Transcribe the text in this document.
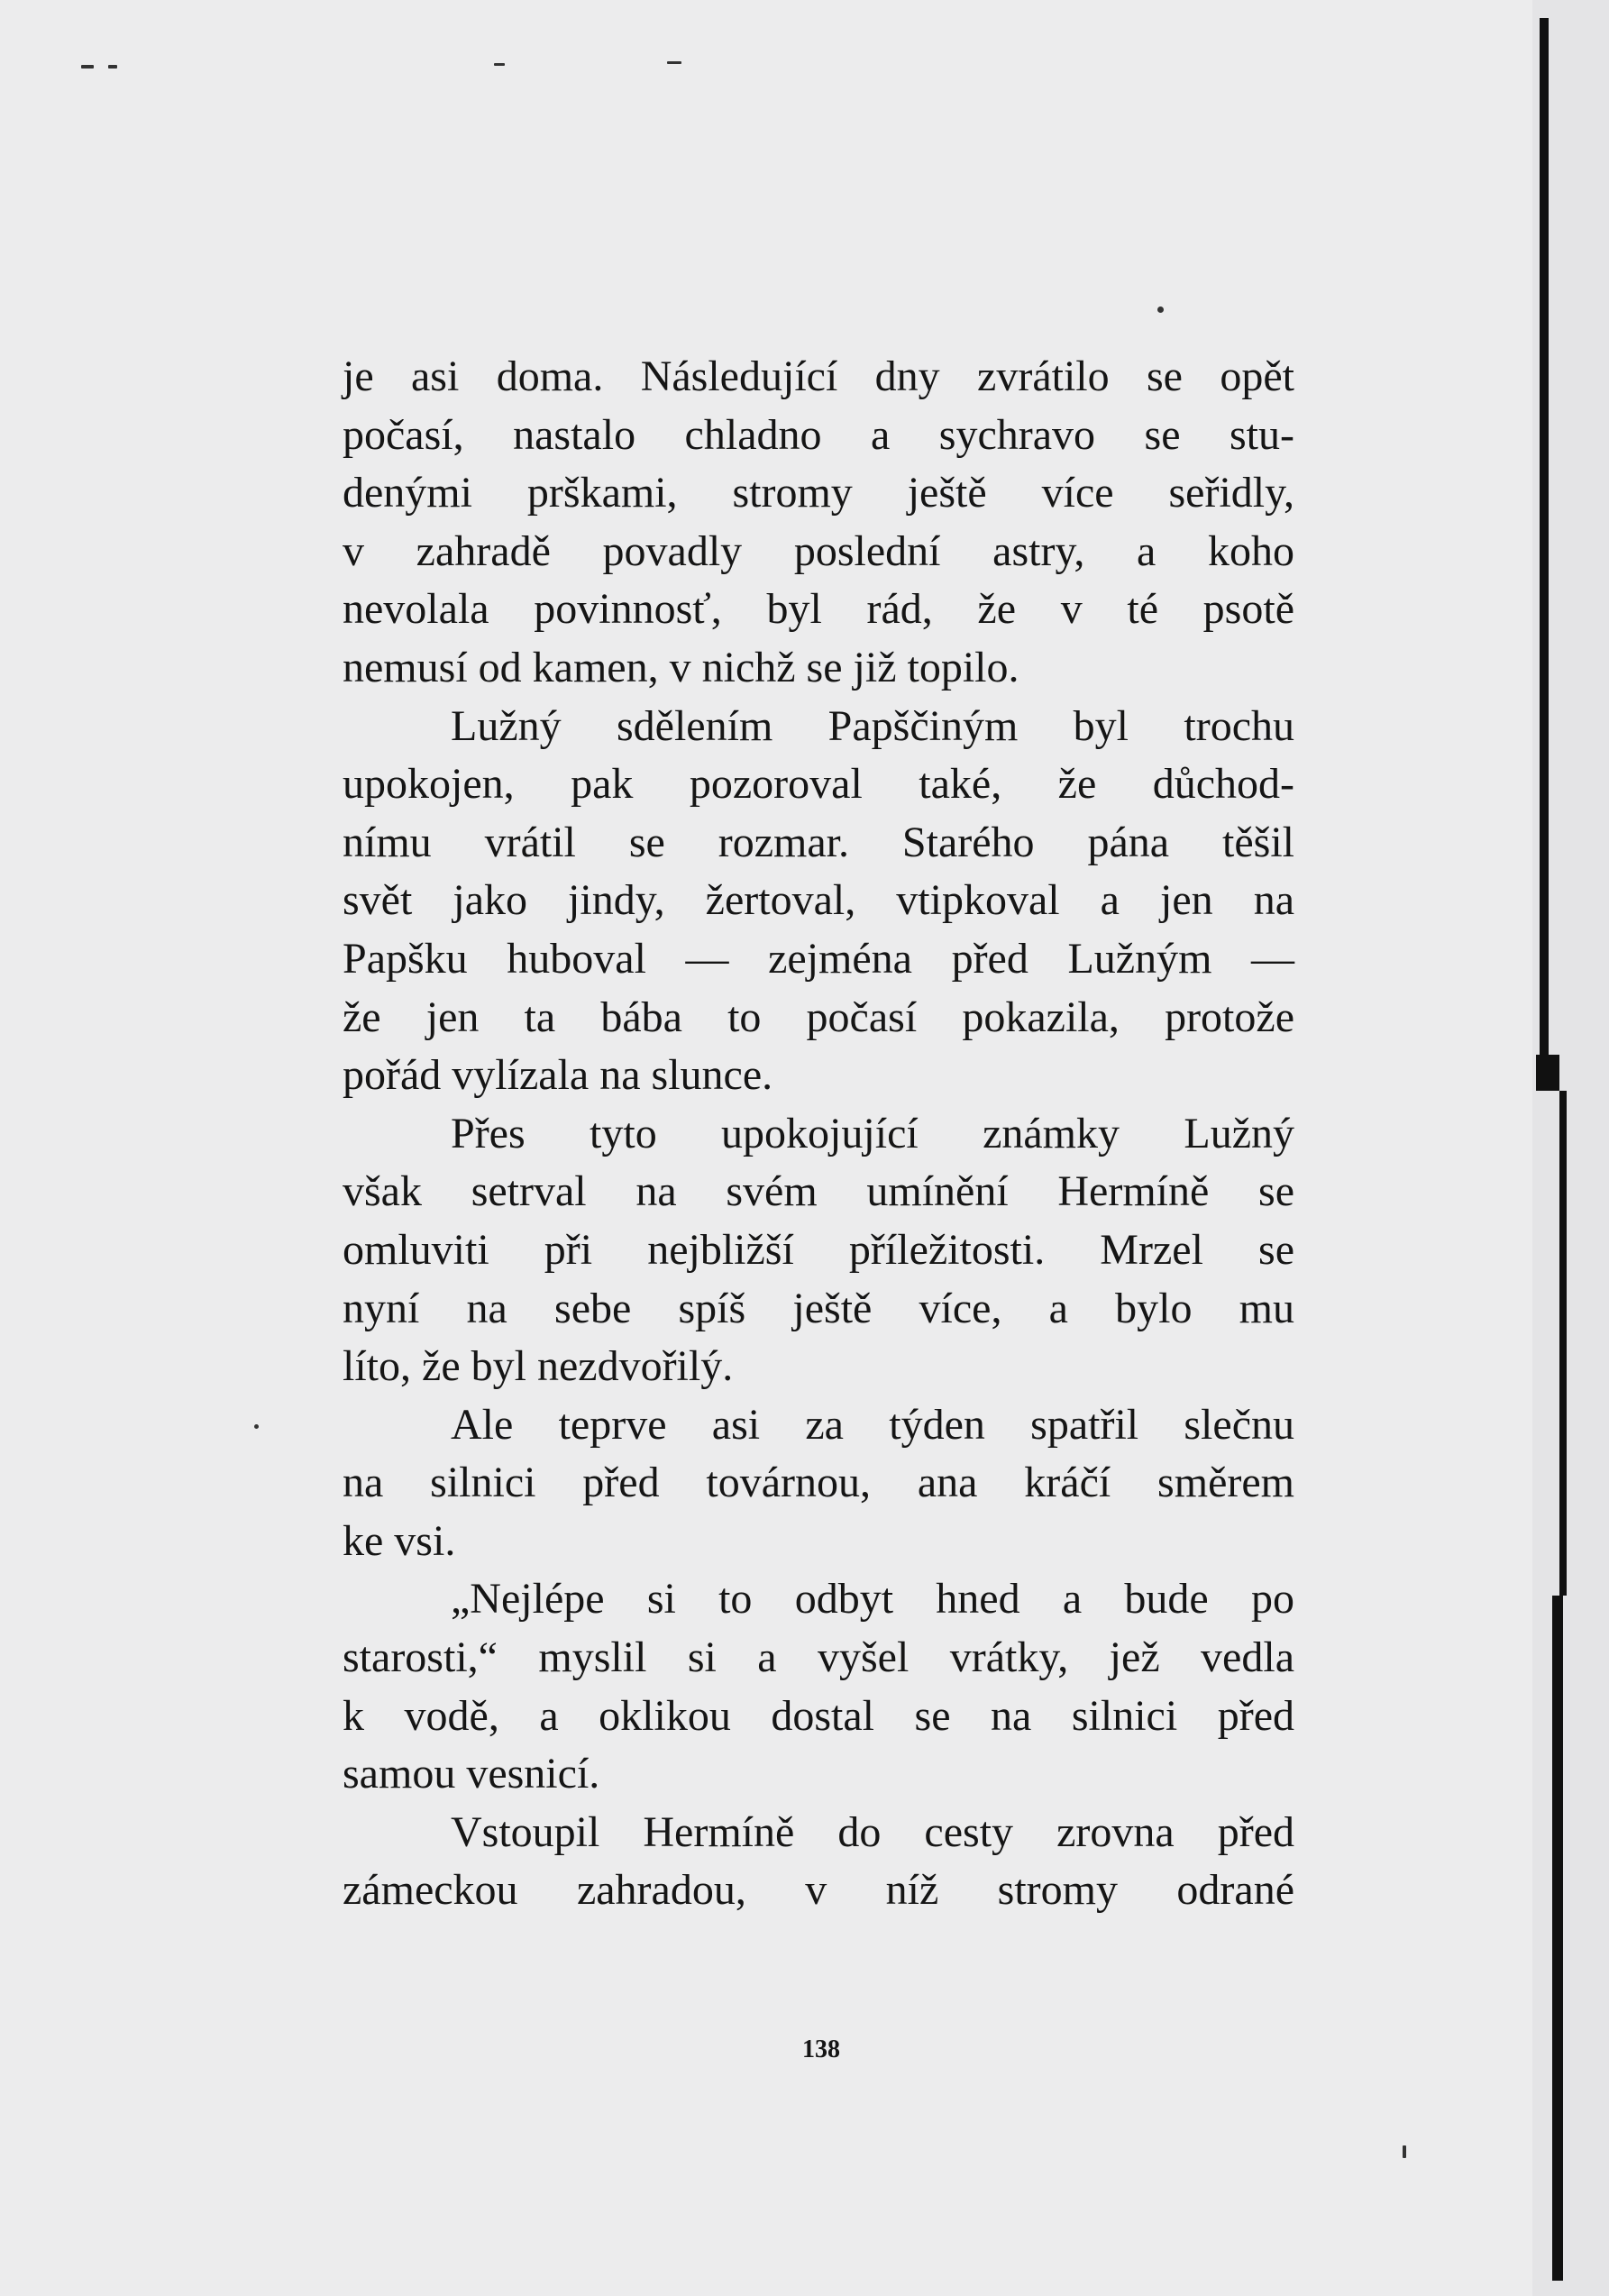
je asi doma. Následující dny zvrátilo se opět
počasí, nastalo chladno a sychravo se stu-
denými prškami, stromy ještě více seřidly,
v zahradě povadly poslední astry, a koho
nevolala povinnosť, byl rád, že v té psotě
nemusí od kamen, v nichž se již topilo.
Lužný sdělením Papščiným byl trochu
upokojen, pak pozoroval také, že důchod-
nímu vrátil se rozmar. Starého pána těšil
svět jako jindy, žertoval, vtipkoval a jen na
Papšku huboval — zejména před Lužným —
že jen ta bába to počasí pokazila, protože
pořád vylízala na slunce.
Přes tyto upokojující známky Lužný
však setrval na svém umínění Hermíně se
omluviti při nejbližší příležitosti. Mrzel se
nyní na sebe spíš ještě více, a bylo mu
líto, že byl nezdvořilý.
Ale teprve asi za týden spatřil slečnu
na silnici před továrnou, ana kráčí směrem
ke vsi.
„Nejlépe si to odbyt hned a bude po
starosti,“ myslil si a vyšel vrátky, jež vedla
k vodě, a oklikou dostal se na silnici před
samou vesnicí.
Vstoupil Hermíně do cesty zrovna před
zámeckou zahradou, v níž stromy odrané
138
